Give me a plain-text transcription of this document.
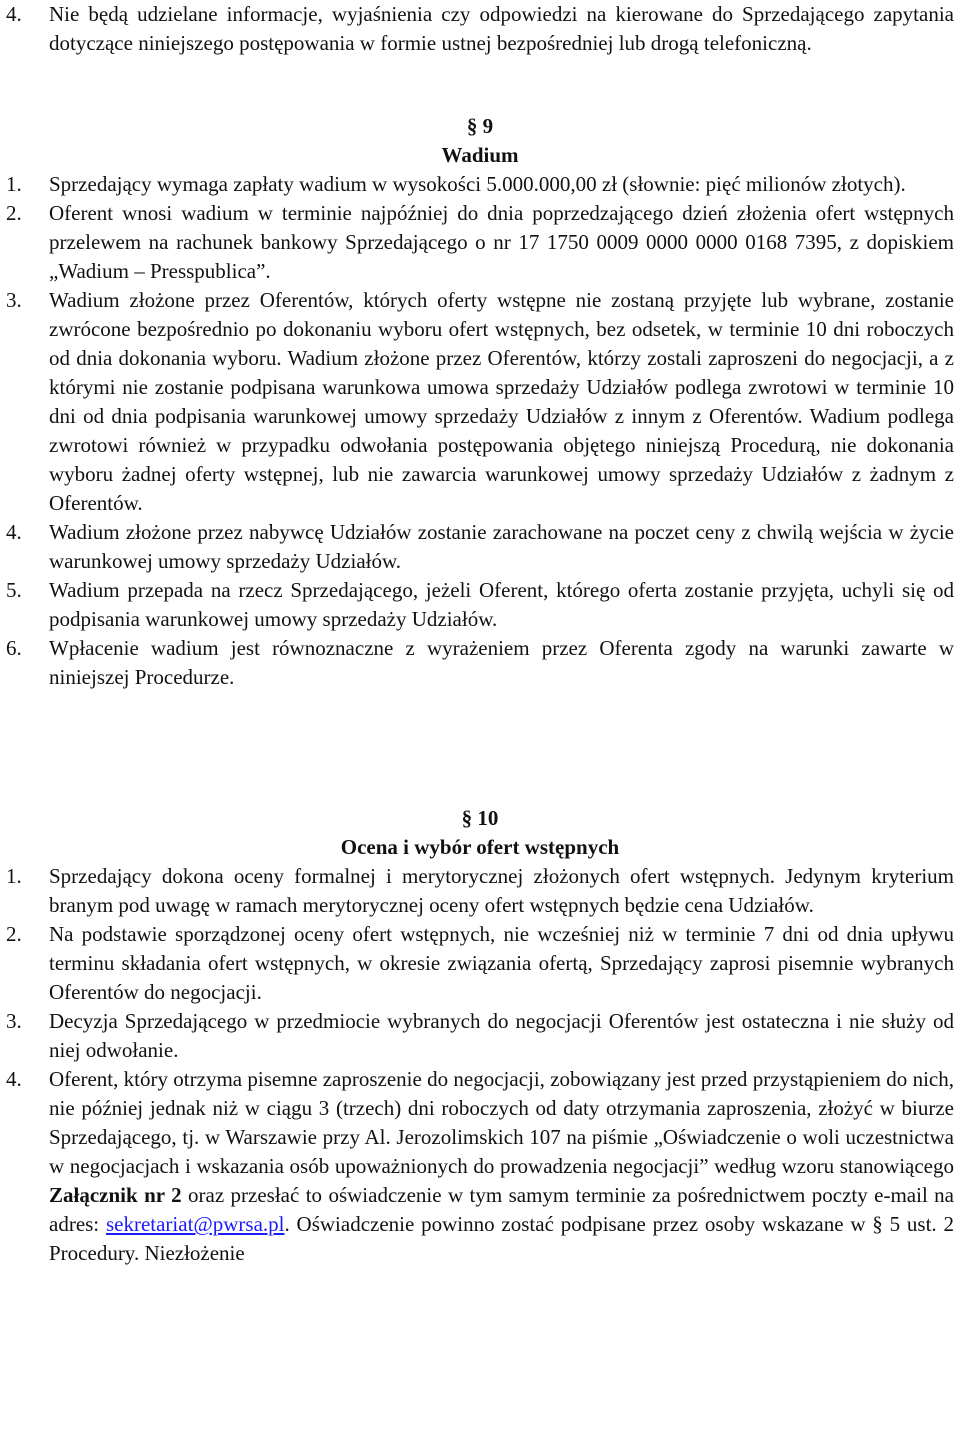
4. Nie będą udzielane informacje, wyjaśnienia czy odpowiedzi na kierowane do Sprzedającego zapytania dotyczące niniejszego postępowania w formie ustnej bezpośredniej lub drogą telefoniczną.
§ 9
Wadium
1. Sprzedający wymaga zapłaty wadium w wysokości 5.000.000,00 zł (słownie: pięć milionów złotych).
2. Oferent wnosi wadium w terminie najpóźniej do dnia poprzedzającego dzień złożenia ofert wstępnych przelewem na rachunek bankowy Sprzedającego o nr 17 1750 0009 0000 0000 0168 7395, z dopiskiem „Wadium – Presspublica”.
3. Wadium złożone przez Oferentów, których oferty wstępne nie zostaną przyjęte lub wybrane, zostanie zwrócone bezpośrednio po dokonaniu wyboru ofert wstępnych, bez odsetek, w terminie 10 dni roboczych od dnia dokonania wyboru. Wadium złożone przez Oferentów, którzy zostali zaproszeni do negocjacji, a z którymi nie zostanie podpisana warunkowa umowa sprzedaży Udziałów podlega zwrotowi w terminie 10 dni od dnia podpisania warunkowej umowy sprzedaży Udziałów z innym z Oferentów. Wadium podlega zwrotowi również w przypadku odwołania postępowania objętego niniejszą Procedurą, nie dokonania wyboru żadnej oferty wstępnej, lub nie zawarcia warunkowej umowy sprzedaży Udziałów z żadnym z Oferentów.
4. Wadium złożone przez nabywcę Udziałów zostanie zarachowane na poczet ceny z chwilą wejścia w życie warunkowej umowy sprzedaży Udziałów.
5. Wadium przepada na rzecz Sprzedającego, jeżeli Oferent, którego oferta zostanie przyjęta, uchyli się od podpisania warunkowej umowy sprzedaży Udziałów.
6. Wpłacenie wadium jest równoznaczne z wyrażeniem przez Oferenta zgody na warunki zawarte w niniejszej Procedurze.
§ 10
Ocena i wybór ofert wstępnych
1. Sprzedający dokona oceny formalnej i merytorycznej złożonych ofert wstępnych. Jedynym kryterium branym pod uwagę w ramach merytorycznej oceny ofert wstępnych będzie cena Udziałów.
2. Na podstawie sporządzonej oceny ofert wstępnych, nie wcześniej niż w terminie 7 dni od dnia upływu terminu składania ofert wstępnych, w okresie związania ofertą, Sprzedający zaprosi pisemnie wybranych Oferentów do negocjacji.
3. Decyzja Sprzedającego w przedmiocie wybranych do negocjacji Oferentów jest ostateczna i nie służy od niej odwołanie.
4. Oferent, który otrzyma pisemne zaproszenie do negocjacji, zobowiązany jest przed przystąpieniem do nich, nie później jednak niż w ciągu 3 (trzech) dni roboczych od daty otrzymania zaproszenia, złożyć w biurze Sprzedającego, tj. w Warszawie przy Al. Jerozolimskich 107 na piśmie „Oświadczenie o woli uczestnictwa w negocjacjach i wskazania osób upoważnionych do prowadzenia negocjacji” według wzoru stanowiącego Załącznik nr 2 oraz przesłać to oświadczenie w tym samym terminie za pośrednictwem poczty e-mail na adres: sekretariat@pwrsa.pl. Oświadczenie powinno zostać podpisane przez osoby wskazane w § 5 ust. 2 Procedury. Niezłożenie
